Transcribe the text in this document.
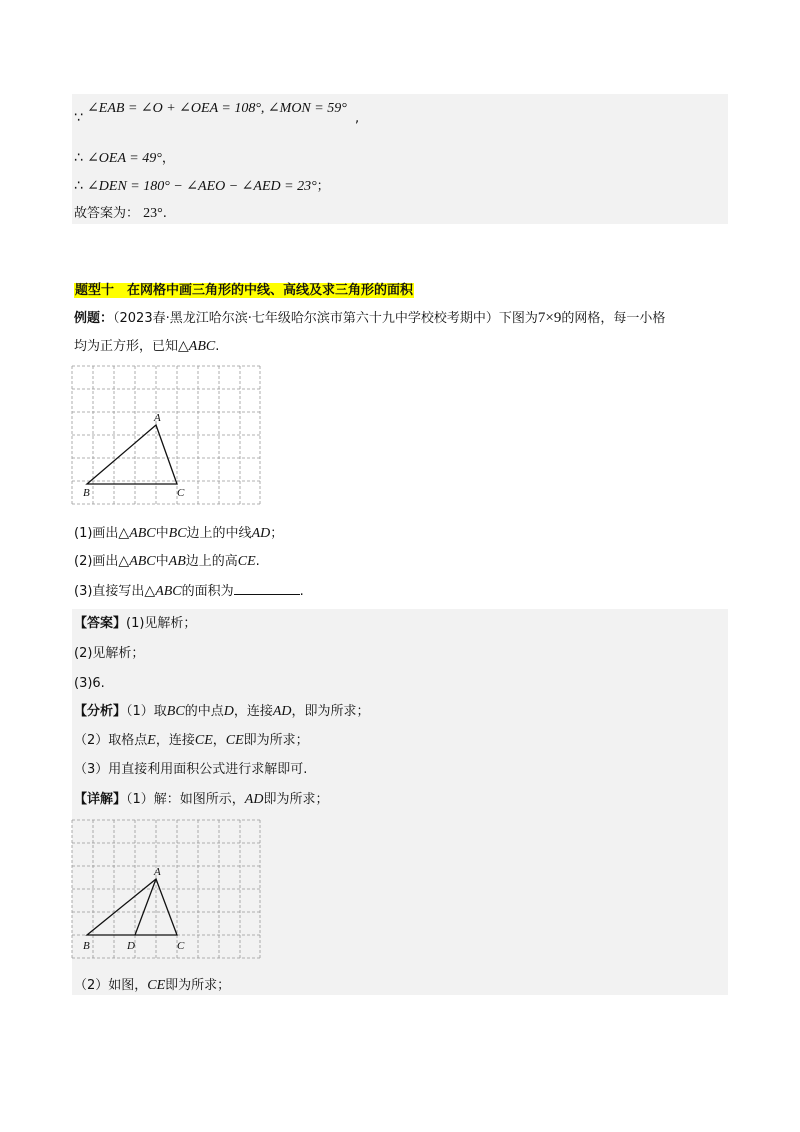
∵ ∠EAB = ∠O + ∠OEA = 108°, ∠MON = 59° ,
∴ ∠OEA = 49°，
∴ ∠DEN = 180° − ∠AEO − ∠AED = 23°；
故答案为： 23°.
题型十　在网格中画三角形的中线、高线及求三角形的面积
例题：（2023春·黑龙江哈尔滨·七年级哈尔滨市第六十九中学校校考期中）下图为7×9的网格，每一小格
均为正方形，已知△ABC.
A
B	C
(1)画出△ABC中BC边上的中线AD；
(2)画出△ABC中AB边上的高CE.
(3)直接写出△ABC的面积为	.
【答案】(1)见解析；
(2)见解析；
(3)6.
【分析】（1）取BC的中点D，连接AD，即为所求；
（2）取格点E，连接CE，CE即为所求；
（3）用直接利用面积公式进行求解即可.
【详解】（1）解：如图所示，AD即为所求；
A
B	D	C
（2）如图，CE即为所求；
